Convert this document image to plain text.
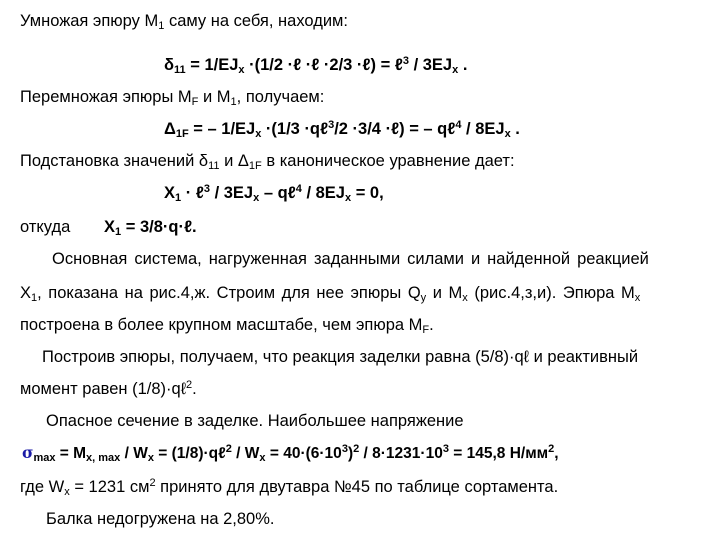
Умножая эпюру $М_1$ саму на себя, находим:
$\delta_{11} = 1/EJ_x \cdot(1/2$ ·ℓ ·ℓ ·2/3 ·ℓ) = ℓ$^3$ / $3EJ_x$ .
Перемножая эпюры $М_F$ и $М_1$, получаем:
$\Delta_{1F}$ = – $1/EJ_x \cdot(1/3$ ·qℓ$^3$/2 ·3/4 ·ℓ) = – qℓ$^4$ / $8EJ_x$ .
Подстановка значений $\delta_{11}$ и $\Delta_{1F}$ в каноническое уравнение дает:
$X_1$ · ℓ$^3$ / $3EJ_x$ – qℓ$^4$ / $8EJ_x = 0$,
откуда $X_1$ = 3/8·q·ℓ.
Основная система, нагруженная заданными силами и найденной реакцией
$X_1$, показана на рис.4,ж. Строим для нее эпюры $Q_y$ и $M_x$ (рис.4,з,и). Эпюра $M_x$
построена в более крупном масштабе, чем эпюра $M_F$.
Построив эпюры, получаем, что реакция заделки равна (5/8)·qℓ и реактивный
момент равен (1/8)·qℓ$^2$.
Опасное сечение в заделке. Наибольшее напряжение
$\sigma\max = M_{x, max} / W_x$ = (1/8)·qℓ$^2$ / $W_x = 40\cdot(6\cdot 10^3)^2 / 8\cdot 1231\cdot 10^3 = 145,8$ $Н/мм^2$,
где $W_x = 1231$ $см^2$ принято для двутавра №45 по таблице сортамента.
Балка недогружена на 2,80%.
